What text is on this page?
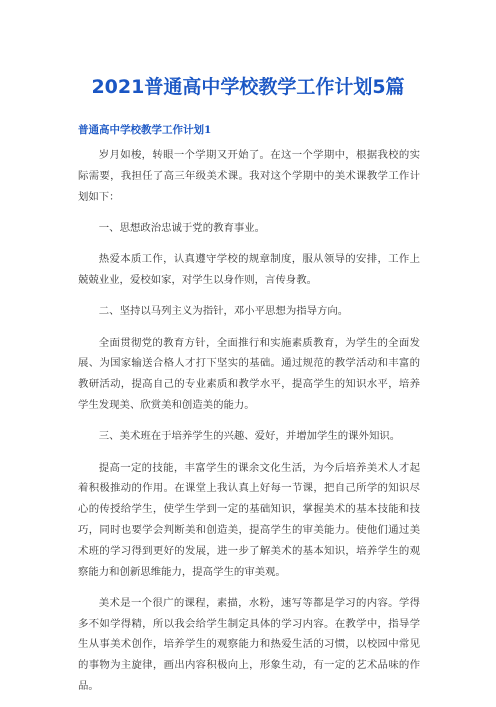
2021普通高中学校教学工作计划5篇
普通高中学校教学工作计划1

岁月如梭，转眼一个学期又开始了。在这一个学期中，根据我校的实际需要，我担任了高三年级美术课。我对这个学期中的美术课教学工作计划如下：

一、思想政治忠诚于党的教育事业。

热爱本质工作，认真遵守学校的规章制度，服从领导的安排，工作上兢兢业业，爱校如家，对学生以身作则，言传身教。

二、坚持以马列主义为指针，邓小平思想为指导方向。

全面贯彻党的教育方针，全面推行和实施素质教育，为学生的全面发展、为国家输送合格人才打下坚实的基础。通过规范的教学活动和丰富的教研活动，提高自己的专业素质和教学水平，提高学生的知识水平，培养学生发现美、欣赏美和创造美的能力。

三、美术班在于培养学生的兴趣、爱好，并增加学生的课外知识。

提高一定的技能，丰富学生的课余文化生活，为今后培养美术人才起着积极推动的作用。在课堂上我认真上好每一节课，把自己所学的知识尽心的传授给学生，使学生学到一定的基础知识，掌握美术的基本技能和技巧，同时也要学会判断美和创造美，提高学生的审美能力。使他们通过美术班的学习得到更好的发展，进一步了解美术的基本知识，培养学生的观察能力和创新思维能力，提高学生的审美观。

美术是一个很广的课程，素描，水粉，速写等都是学习的内容。学得多不如学得精，所以我会给学生制定具体的学习内容。在教学中，指导学生从事美术创作，培养学生的观察能力和热爱生活的习惯，以校园中常见的事物为主旋律，画出内容积极向上，形象生动，有一定的艺术品味的作品。
